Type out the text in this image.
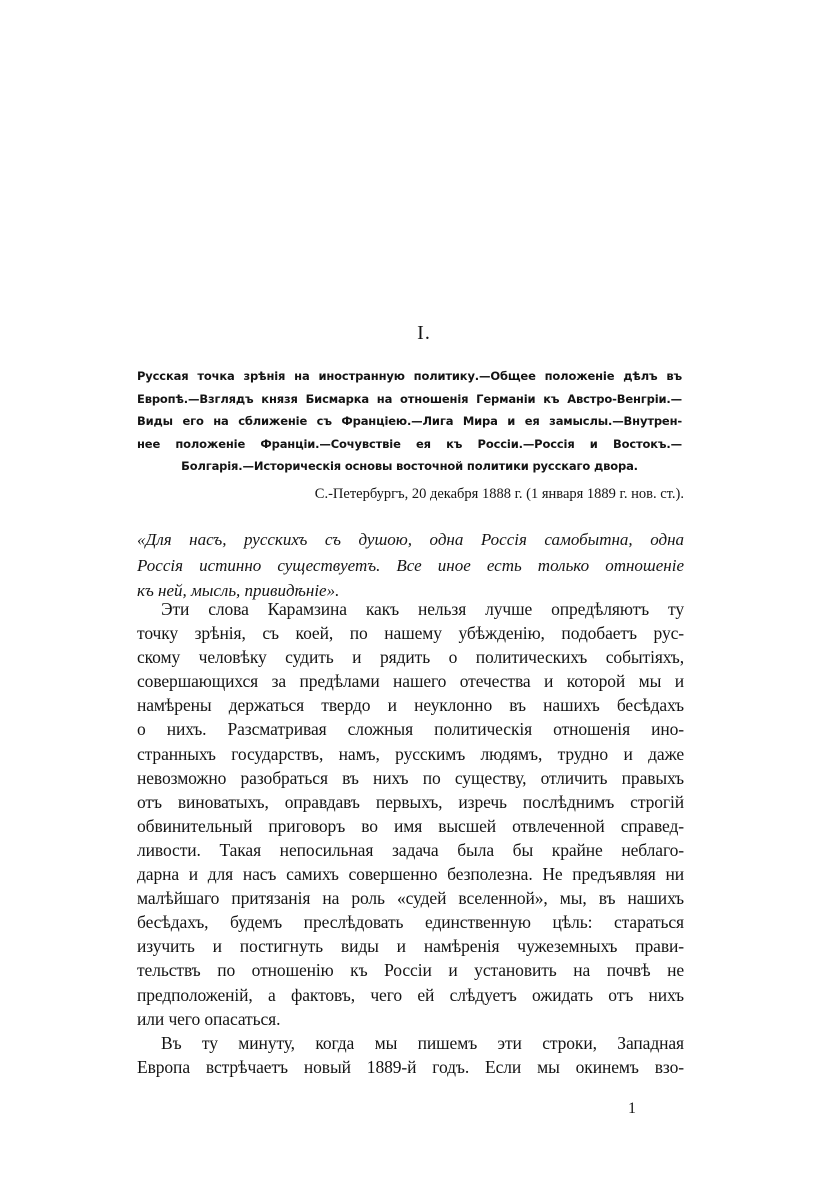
I.
Русская точка зрѣнія на иностранную политику.—Общее положеніе дѣлъ въ
Европѣ.—Взглядъ князя Бисмарка на отношенія Германіи къ Австро-Венгріи.—
Виды его на сближеніе съ Франціею.—Лига Мира и ея замыслы.—Внутрен-
нее положеніе Франціи.—Сочувствіе ея къ Россіи.—Россія и Востокъ.—
Болгарія.—Историческія основы восточной политики русскаго двора.
С.-Петербургъ, 20 декабря 1888 г. (1 января 1889 г. нов. ст.).
«Для насъ, русскихъ съ душою, одна Россія самобытна, одна
Россія истинно существуетъ. Все иное есть только отношеніе
къ ней, мысль, привидѣніе».
Эти слова Карамзина какъ нельзя лучше опредѣляютъ ту
точку зрѣнія, съ коей, по нашему убѣжденію, подобаетъ рус-
скому человѣку судить и рядить о политическихъ событіяхъ,
совершающихся за предѣлами нашего отечества и которой мы и
намѣрены держаться твердо и неуклонно въ нашихъ бесѣдахъ
о нихъ. Разсматривая сложныя политическія отношенія ино-
странныхъ государствъ, намъ, русскимъ людямъ, трудно и даже
невозможно разобраться въ нихъ по существу, отличить правыхъ
отъ виноватыхъ, оправдавъ первыхъ, изречь послѣднимъ строгій
обвинительный приговоръ во имя высшей отвлеченной справед-
ливости. Такая непосильная задача была бы крайне неблаго-
дарна и для насъ самихъ совершенно безполезна. Не предъявляя ни
малѣйшаго притязанія на роль «судей вселенной», мы, въ нашихъ
бесѣдахъ, будемъ преслѣдовать единственную цѣль: стараться
изучить и постигнуть виды и намѣренія чужеземныхъ прави-
тельствъ по отношенію къ Россіи и установить на почвѣ не
предположеній, а фактовъ, чего ей слѣдуетъ ожидать отъ нихъ
или чего опасаться.
Въ ту минуту, когда мы пишемъ эти строки, Западная
Европа встрѣчаетъ новый 1889-й годъ. Если мы окинемъ взо-
1
